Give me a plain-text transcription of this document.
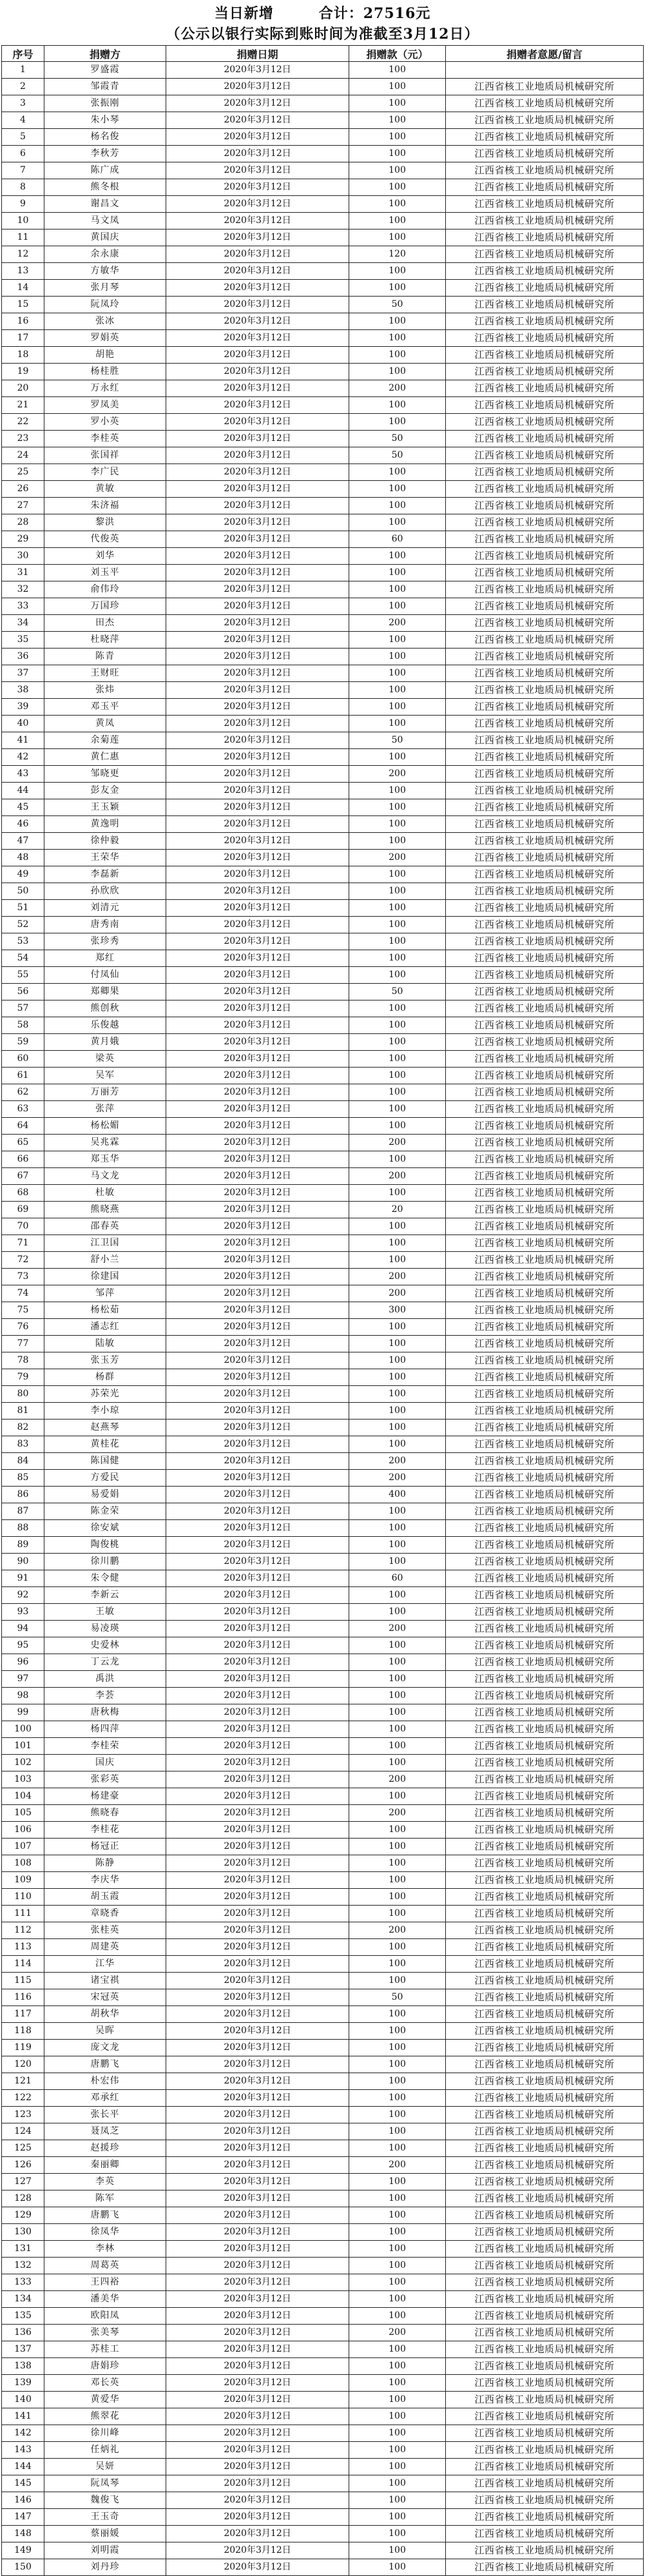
当日新增	合计：27516元
（公示以银行实际到账时间为准截至3月12日）
序号	捐赠方	捐赠日期	捐赠款（元）	捐赠者意愿/留言
1	罗盛霞	2020年3月12日	100	
2	邹霞青	2020年3月12日	100	江西省核工业地质局机械研究所
3	张振刚	2020年3月12日	100	江西省核工业地质局机械研究所
4	朱小琴	2020年3月12日	100	江西省核工业地质局机械研究所
5	杨名俊	2020年3月12日	100	江西省核工业地质局机械研究所
6	李秋芳	2020年3月12日	100	江西省核工业地质局机械研究所
7	陈广成	2020年3月12日	100	江西省核工业地质局机械研究所
8	熊冬根	2020年3月12日	100	江西省核工业地质局机械研究所
9	谢昌文	2020年3月12日	100	江西省核工业地质局机械研究所
10	马文凤	2020年3月12日	100	江西省核工业地质局机械研究所
11	黄国庆	2020年3月12日	100	江西省核工业地质局机械研究所
12	余永康	2020年3月12日	120	江西省核工业地质局机械研究所
13	方敏华	2020年3月12日	100	江西省核工业地质局机械研究所
14	张月琴	2020年3月12日	100	江西省核工业地质局机械研究所
15	阮凤玲	2020年3月12日	50	江西省核工业地质局机械研究所
16	张冰	2020年3月12日	100	江西省核工业地质局机械研究所
17	罗娟英	2020年3月12日	100	江西省核工业地质局机械研究所
18	胡艳	2020年3月12日	100	江西省核工业地质局机械研究所
19	杨桂胜	2020年3月12日	100	江西省核工业地质局机械研究所
20	万永红	2020年3月12日	200	江西省核工业地质局机械研究所
21	罗凤美	2020年3月12日	100	江西省核工业地质局机械研究所
22	罗小英	2020年3月12日	100	江西省核工业地质局机械研究所
23	李桂英	2020年3月12日	50	江西省核工业地质局机械研究所
24	张国祥	2020年3月12日	50	江西省核工业地质局机械研究所
25	李广民	2020年3月12日	100	江西省核工业地质局机械研究所
26	黄敏	2020年3月12日	100	江西省核工业地质局机械研究所
27	朱济福	2020年3月12日	100	江西省核工业地质局机械研究所
28	黎洪	2020年3月12日	100	江西省核工业地质局机械研究所
29	代俊英	2020年3月12日	60	江西省核工业地质局机械研究所
30	刘华	2020年3月12日	100	江西省核工业地质局机械研究所
31	刘玉平	2020年3月12日	100	江西省核工业地质局机械研究所
32	俞伟玲	2020年3月12日	100	江西省核工业地质局机械研究所
33	万国珍	2020年3月12日	100	江西省核工业地质局机械研究所
34	田杰	2020年3月12日	200	江西省核工业地质局机械研究所
35	杜晓萍	2020年3月12日	100	江西省核工业地质局机械研究所
36	陈青	2020年3月12日	100	江西省核工业地质局机械研究所
37	王财旺	2020年3月12日	100	江西省核工业地质局机械研究所
38	张炜	2020年3月12日	100	江西省核工业地质局机械研究所
39	邓玉平	2020年3月12日	100	江西省核工业地质局机械研究所
40	黄凤	2020年3月12日	100	江西省核工业地质局机械研究所
41	余菊莲	2020年3月12日	50	江西省核工业地质局机械研究所
42	黄仁惠	2020年3月12日	100	江西省核工业地质局机械研究所
43	邹晓更	2020年3月12日	200	江西省核工业地质局机械研究所
44	彭友金	2020年3月12日	100	江西省核工业地质局机械研究所
45	王玉颖	2020年3月12日	100	江西省核工业地质局机械研究所
46	黄逸明	2020年3月12日	100	江西省核工业地质局机械研究所
47	徐仲毅	2020年3月12日	100	江西省核工业地质局机械研究所
48	王荣华	2020年3月12日	200	江西省核工业地质局机械研究所
49	李磊新	2020年3月12日	100	江西省核工业地质局机械研究所
50	孙欣欣	2020年3月12日	100	江西省核工业地质局机械研究所
51	刘清元	2020年3月12日	100	江西省核工业地质局机械研究所
52	唐秀南	2020年3月12日	100	江西省核工业地质局机械研究所
53	张珍秀	2020年3月12日	100	江西省核工业地质局机械研究所
54	郑红	2020年3月12日	100	江西省核工业地质局机械研究所
55	付凤仙	2020年3月12日	100	江西省核工业地质局机械研究所
56	郑卿果	2020年3月12日	50	江西省核工业地质局机械研究所
57	熊创秋	2020年3月12日	100	江西省核工业地质局机械研究所
58	乐俊越	2020年3月12日	100	江西省核工业地质局机械研究所
59	黄月娥	2020年3月12日	100	江西省核工业地质局机械研究所
60	梁英	2020年3月12日	100	江西省核工业地质局机械研究所
61	吴军	2020年3月12日	100	江西省核工业地质局机械研究所
62	万丽芳	2020年3月12日	100	江西省核工业地质局机械研究所
63	张萍	2020年3月12日	100	江西省核工业地质局机械研究所
64	杨松媚	2020年3月12日	100	江西省核工业地质局机械研究所
65	吴兆霖	2020年3月12日	200	江西省核工业地质局机械研究所
66	郑玉华	2020年3月12日	100	江西省核工业地质局机械研究所
67	马文龙	2020年3月12日	200	江西省核工业地质局机械研究所
68	杜敏	2020年3月12日	100	江西省核工业地质局机械研究所
69	熊晓燕	2020年3月12日	20	江西省核工业地质局机械研究所
70	邵春英	2020年3月12日	100	江西省核工业地质局机械研究所
71	江卫国	2020年3月12日	100	江西省核工业地质局机械研究所
72	舒小兰	2020年3月12日	100	江西省核工业地质局机械研究所
73	徐建国	2020年3月12日	200	江西省核工业地质局机械研究所
74	邹萍	2020年3月12日	200	江西省核工业地质局机械研究所
75	杨松茹	2020年3月12日	300	江西省核工业地质局机械研究所
76	潘志红	2020年3月12日	100	江西省核工业地质局机械研究所
77	陆敏	2020年3月12日	100	江西省核工业地质局机械研究所
78	张玉芳	2020年3月12日	100	江西省核工业地质局机械研究所
79	杨群	2020年3月12日	100	江西省核工业地质局机械研究所
80	苏荣光	2020年3月12日	100	江西省核工业地质局机械研究所
81	李小琼	2020年3月12日	100	江西省核工业地质局机械研究所
82	赵燕琴	2020年3月12日	100	江西省核工业地质局机械研究所
83	黄桂花	2020年3月12日	100	江西省核工业地质局机械研究所
84	陈国健	2020年3月12日	200	江西省核工业地质局机械研究所
85	方爱民	2020年3月12日	200	江西省核工业地质局机械研究所
86	易爱娟	2020年3月12日	400	江西省核工业地质局机械研究所
87	陈金荣	2020年3月12日	100	江西省核工业地质局机械研究所
88	徐安斌	2020年3月12日	100	江西省核工业地质局机械研究所
89	陶俊桃	2020年3月12日	100	江西省核工业地质局机械研究所
90	徐川鹏	2020年3月12日	100	江西省核工业地质局机械研究所
91	朱令健	2020年3月12日	60	江西省核工业地质局机械研究所
92	李新云	2020年3月12日	100	江西省核工业地质局机械研究所
93	王敏	2020年3月12日	100	江西省核工业地质局机械研究所
94	易凌瑛	2020年3月12日	200	江西省核工业地质局机械研究所
95	史爱林	2020年3月12日	100	江西省核工业地质局机械研究所
96	丁云龙	2020年3月12日	100	江西省核工业地质局机械研究所
97	禹洪	2020年3月12日	100	江西省核工业地质局机械研究所
98	李荟	2020年3月12日	100	江西省核工业地质局机械研究所
99	唐秋梅	2020年3月12日	100	江西省核工业地质局机械研究所
100	杨四萍	2020年3月12日	100	江西省核工业地质局机械研究所
101	李桂荣	2020年3月12日	100	江西省核工业地质局机械研究所
102	国庆	2020年3月12日	100	江西省核工业地质局机械研究所
103	张彩英	2020年3月12日	200	江西省核工业地质局机械研究所
104	杨建豪	2020年3月12日	100	江西省核工业地质局机械研究所
105	熊晓春	2020年3月12日	200	江西省核工业地质局机械研究所
106	李桂花	2020年3月12日	100	江西省核工业地质局机械研究所
107	杨冠正	2020年3月12日	100	江西省核工业地质局机械研究所
108	陈静	2020年3月12日	100	江西省核工业地质局机械研究所
109	李庆华	2020年3月12日	100	江西省核工业地质局机械研究所
110	胡玉霞	2020年3月12日	100	江西省核工业地质局机械研究所
111	章晓香	2020年3月12日	100	江西省核工业地质局机械研究所
112	张桂英	2020年3月12日	200	江西省核工业地质局机械研究所
113	周建英	2020年3月12日	100	江西省核工业地质局机械研究所
114	江华	2020年3月12日	100	江西省核工业地质局机械研究所
115	诸宝祺	2020年3月12日	100	江西省核工业地质局机械研究所
116	宋冠英	2020年3月12日	50	江西省核工业地质局机械研究所
117	胡秋华	2020年3月12日	100	江西省核工业地质局机械研究所
118	吴晖	2020年3月12日	100	江西省核工业地质局机械研究所
119	庞文龙	2020年3月12日	100	江西省核工业地质局机械研究所
120	唐鹏飞	2020年3月12日	100	江西省核工业地质局机械研究所
121	朴宏伟	2020年3月12日	100	江西省核工业地质局机械研究所
122	邓承红	2020年3月12日	100	江西省核工业地质局机械研究所
123	张长平	2020年3月12日	100	江西省核工业地质局机械研究所
124	聂凤芝	2020年3月12日	100	江西省核工业地质局机械研究所
125	赵援珍	2020年3月12日	100	江西省核工业地质局机械研究所
126	秦丽卿	2020年3月12日	200	江西省核工业地质局机械研究所
127	李英	2020年3月12日	100	江西省核工业地质局机械研究所
128	陈军	2020年3月12日	100	江西省核工业地质局机械研究所
129	唐鹏飞	2020年3月12日	100	江西省核工业地质局机械研究所
130	徐凤华	2020年3月12日	100	江西省核工业地质局机械研究所
131	李林	2020年3月12日	100	江西省核工业地质局机械研究所
132	周葛英	2020年3月12日	100	江西省核工业地质局机械研究所
133	王四裕	2020年3月12日	100	江西省核工业地质局机械研究所
134	潘美华	2020年3月12日	100	江西省核工业地质局机械研究所
135	欧阳凤	2020年3月12日	100	江西省核工业地质局机械研究所
136	张美琴	2020年3月12日	200	江西省核工业地质局机械研究所
137	苏桂工	2020年3月12日	100	江西省核工业地质局机械研究所
138	唐娟珍	2020年3月12日	100	江西省核工业地质局机械研究所
139	邓长英	2020年3月12日	100	江西省核工业地质局机械研究所
140	黄爱华	2020年3月12日	100	江西省核工业地质局机械研究所
141	熊翠花	2020年3月12日	100	江西省核工业地质局机械研究所
142	徐川峰	2020年3月12日	100	江西省核工业地质局机械研究所
143	任炳礼	2020年3月12日	100	江西省核工业地质局机械研究所
144	吴妍	2020年3月12日	100	江西省核工业地质局机械研究所
145	阮凤琴	2020年3月12日	100	江西省核工业地质局机械研究所
146	魏俊飞	2020年3月12日	100	江西省核工业地质局机械研究所
147	王玉奇	2020年3月12日	100	江西省核工业地质局机械研究所
148	蔡丽媛	2020年3月12日	100	江西省核工业地质局机械研究所
149	刘明霞	2020年3月12日	100	江西省核工业地质局机械研究所
150	刘丹珍	2020年3月12日	100	江西省核工业地质局机械研究所
